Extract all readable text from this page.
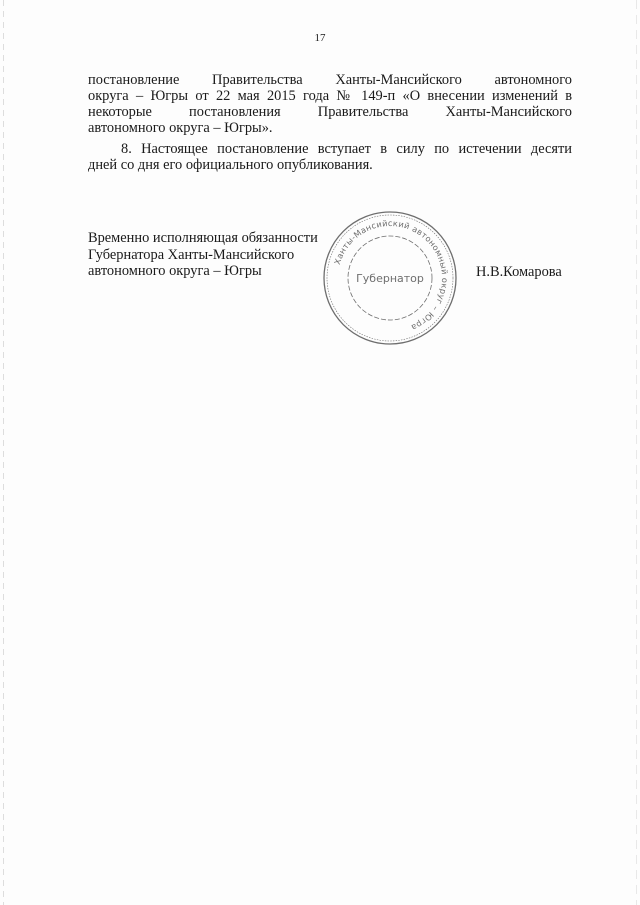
17
постановление Правительства Ханты-Мансийского автономного
округа – Югры от 22 мая 2015 года № 149-п «О внесении изменений в
некоторые постановления Правительства Ханты-Мансийского
автономного округа – Югры».
8. Настоящее постановление вступает в силу по истечении десяти
дней со дня его официального опубликования.
Временно исполняющая обязанности
Губернатора Ханты-Мансийского
автономного округа – Югры
Ханты-Мансийский автономный округ – Югра
Губернатор	Н.В.Комарова
